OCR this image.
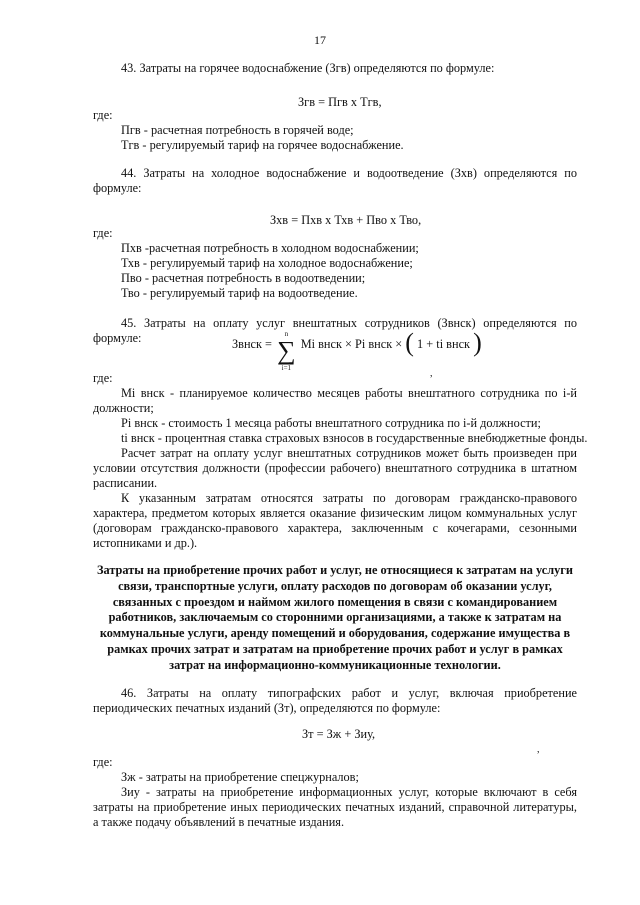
17
43. Затраты на горячее водоснабжение (Згв) определяются по формуле:
Згв = Пгв х Тгв,
где:
Пгв - расчетная потребность в горячей воде;
Тгв - регулируемый тариф на горячее водоснабжение.
44. Затраты на холодное водоснабжение и водоотведение (Зхв) определяются по формуле:
Зхв = Пхв х Тхв + Пво х Тво,
где:
Пхв -расчетная потребность в холодном водоснабжении;
Тхв - регулируемый тариф на холодное водоснабжение;
Пво - расчетная потребность в водоотведении;
Тво - регулируемый тариф на водоотведение.
45. Затраты на оплату услуг внештатных сотрудников (Звнск) определяются по формуле:	Звнск =
n
∑
i=1
Mi внск × Pi внск × ( 1 + ti внск )
,
где:
Mi внск - планируемое количество месяцев работы внештатного сотрудника по i-й должности;
Pi внск - стоимость 1 месяца работы внештатного сотрудника по i-й должности;
ti внск - процентная ставка страховых взносов в государственные внебюджетные фонды.
Расчет затрат на оплату услуг внештатных сотрудников может быть произведен при условии отсутствия должности (профессии рабочего) внештатного сотрудника в штатном расписании.
К указанным затратам относятся затраты по договорам гражданско-правового характера, предметом которых является оказание физическим лицом коммунальных услуг (договорам гражданско-правового характера, заключенным с кочегарами, сезонными истопниками и др.).
Затраты на приобретение прочих работ и услуг, не относящиеся к затратам на услуги связи, транспортные услуги, оплату расходов по договорам об оказании услуг, связанных с проездом и наймом жилого помещения в связи с командированием работников, заключаемым со сторонними организациями, а также к затратам на коммунальные услуги, аренду помещений и оборудования, содержание имущества в рамках прочих затрат и затратам на приобретение прочих работ и услуг в рамках затрат на информационно-коммуникационные технологии.
46. Затраты на оплату типографских работ и услуг, включая приобретение периодических печатных изданий (Зт), определяются по формуле:
Зт = Зж + Зиу,
,
где:
Зж - затраты на приобретение спецжурналов;
Зиу - затраты на приобретение информационных услуг, которые включают в себя затраты на приобретение иных периодических печатных изданий, справочной литературы, а также подачу объявлений в печатные издания.
